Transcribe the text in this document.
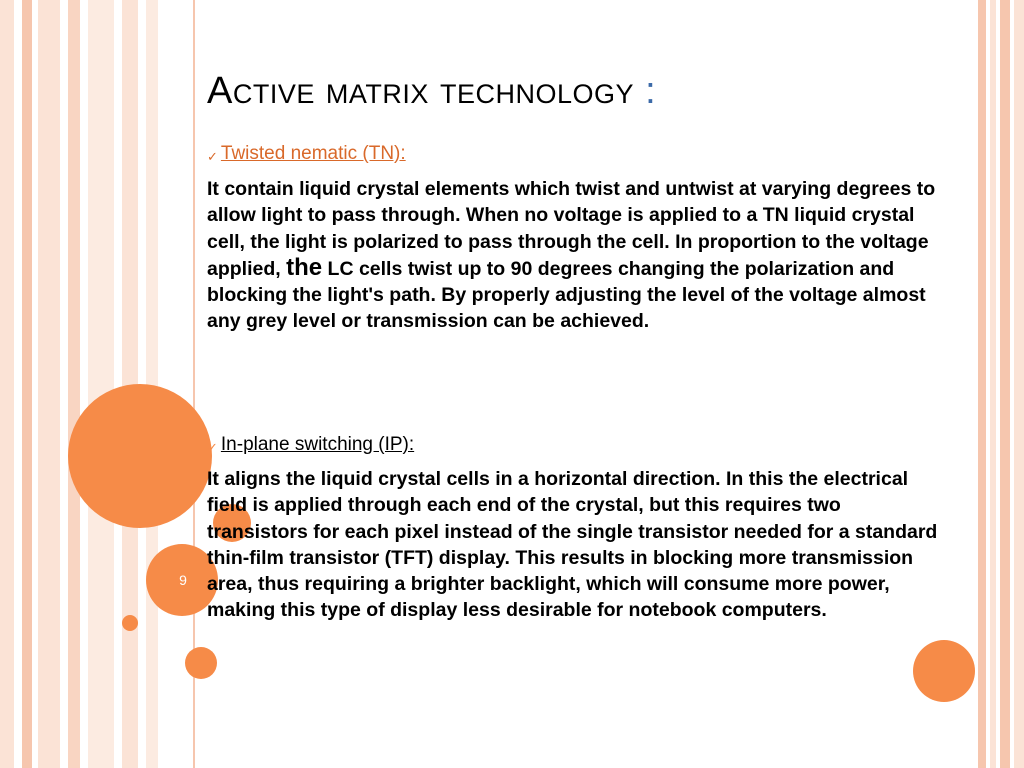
9
Active matrix technology :
✓ Twisted nematic (TN):

It contain liquid crystal elements which twist and untwist at varying degrees to allow light to pass through. When no voltage is applied to a TN liquid crystal cell, the light is polarized to pass through the cell. In proportion to the voltage applied, the LC cells twist up to 90 degrees changing the polarization and blocking the light's path. By properly adjusting the level of the voltage almost any grey level or transmission can be achieved.

✓ In-plane switching (IP):

It aligns the liquid crystal cells in a horizontal direction. In this the electrical field is applied through each end of the crystal, but this requires two transistors for each pixel instead of the single transistor needed for a standard thin-film transistor (TFT) display. This results in blocking more transmission area, thus requiring a brighter backlight, which will consume more power, making this type of display less desirable for notebook computers.
